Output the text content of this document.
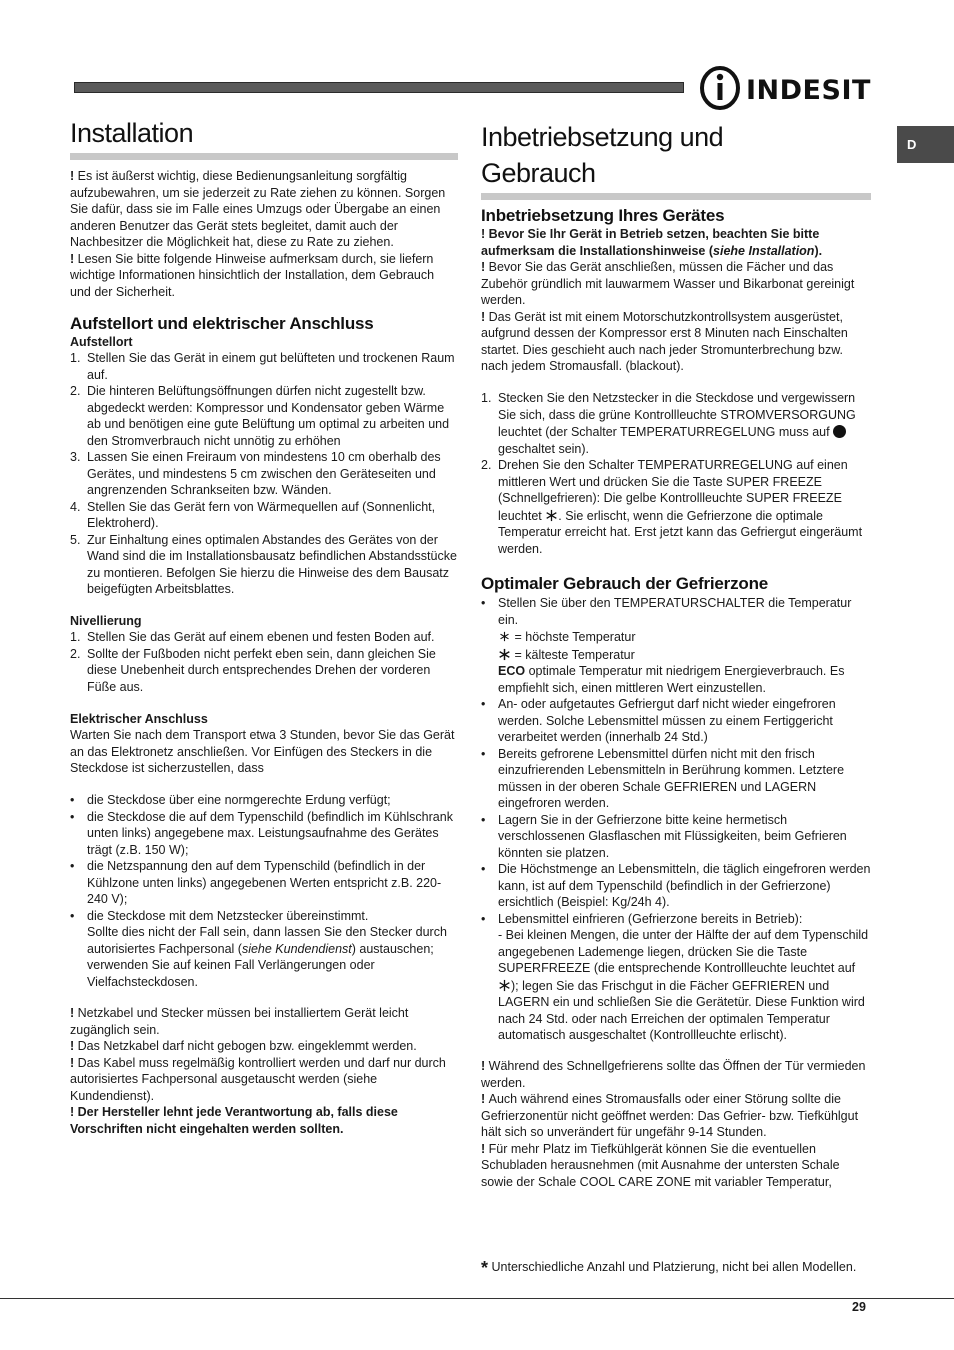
INDESIT
D
Installation

! Es ist äußerst wichtig, diese Bedienungsanleitung sorgfältig aufzubewahren, um sie jederzeit zu Rate ziehen zu können. Sorgen Sie dafür, dass sie im Falle eines Umzugs oder Übergabe an einen anderen Benutzer das Gerät stets begleitet, damit auch der Nachbesitzer die Möglichkeit hat, diese zu Rate zu ziehen.

! Lesen Sie bitte folgende Hinweise aufmerksam durch, sie liefern wichtige Informationen hinsichtlich der Installation, dem Gebrauch und der Sicherheit.

Aufstellort und elektrischer Anschluss
Aufstellort
1. Stellen Sie das Gerät in einem gut belüfteten und trockenen Raum auf.
2. Die hinteren Belüftungsöffnungen dürfen nicht zugestellt bzw. abgedeckt werden: Kompressor und Kondensator geben Wärme ab und benötigen eine gute Belüftung um optimal zu arbeiten und den Stromverbrauch nicht unnötig zu erhöhen
3. Lassen Sie einen Freiraum von mindestens 10 cm oberhalb des Gerätes, und mindestens 5 cm zwischen den Geräteseiten und angrenzenden Schrankseiten bzw. Wänden.
4. Stellen Sie das Gerät fern von Wärmequellen auf (Sonnenlicht, Elektroherd).
5. Zur Einhaltung eines optimalen Abstandes des Gerätes von der Wand sind die im Installationsbausatz befindlichen Abstandsstücke zu montieren. Befolgen Sie hierzu die Hinweise des dem Bausatz beigefügten Arbeitsblattes.
Nivellierung
1. Stellen Sie das Gerät auf einem ebenen und festen Boden auf.
2. Sollte der Fußboden nicht perfekt eben sein, dann gleichen Sie diese Unebenheit durch entsprechendes Drehen der vorderen Füße aus.
Elektrischer Anschluss

Warten Sie nach dem Transport etwa 3 Stunden, bevor Sie das Gerät an das Elektronetz anschließen. Vor Einfügen des Steckers in die Steckdose ist sicherzustellen, dass

• die Steckdose über eine normgerechte Erdung verfügt;
• die Steckdose die auf dem Typenschild (befindlich im Kühlschrank unten links) angegebene max. Leistungsaufnahme des Gerätes trägt (z.B. 150 W);
• die Netzspannung den auf dem Typenschild (befindlich in der Kühlzone unten links) angegebenen Werten entspricht z.B. 220-240 V);
• die Steckdose mit dem Netzstecker übereinstimmt.
Sollte dies nicht der Fall sein, dann lassen Sie den Stecker durch autorisiertes Fachpersonal (siehe Kundendienst) austauschen; verwenden Sie auf keinen Fall Verlängerungen oder Vielfachsteckdosen.

! Netzkabel und Stecker müssen bei installiertem Gerät leicht zugänglich sein.

! Das Netzkabel darf nicht gebogen bzw. eingeklemmt werden.

! Das Kabel muss regelmäßig kontrolliert werden und darf nur durch autorisiertes Fachpersonal ausgetauscht werden (siehe Kundendienst).

! Der Hersteller lehnt jede Verantwortung ab, falls diese Vorschriften nicht eingehalten werden sollten.

Inbetriebsetzung und
Gebrauch
Inbetriebsetzung Ihres Gerätes

! Bevor Sie Ihr Gerät in Betrieb setzen, beachten Sie bitte aufmerksam die Installationshinweise (siehe Installation).

! Bevor Sie das Gerät anschließen, müssen die Fächer und das Zubehör gründlich mit lauwarmem Wasser und Bikarbonat gereinigt werden.

! Das Gerät ist mit einem Motorschutzkontrollsystem ausgerüstet, aufgrund dessen der Kompressor erst 8 Minuten nach Einschalten startet. Dies geschieht auch nach jeder Stromunterbrechung bzw. nach jedem Stromausfall. (blackout).

1. Stecken Sie den Netzstecker in die Steckdose und vergewissern Sie sich, dass die grüne Kontrollleuchte STROMVERSORGUNG leuchtet (der Schalter TEMPERATURREGELUNG muss auf  geschaltet sein).
2. Drehen Sie den Schalter TEMPERATURREGELUNG auf einen mittleren Wert und drücken Sie die Taste SUPER FREEZE (Schnellgefrieren): Die gelbe Kontrollleuchte SUPER FREEZE leuchtet . Sie erlischt, wenn die Gefrierzone die optimale Temperatur erreicht hat. Erst jetzt kann das Gefriergut eingeräumt werden.
Optimaler Gebrauch der Gefrierzone
• Stellen Sie über den TEMPERATURSCHALTER die Temperatur ein.
= höchste Temperatur
= kälteste Temperatur
ECO optimale Temperatur mit niedrigem Energieverbrauch. Es empfiehlt sich, einen mittleren Wert einzustellen.
• An- oder aufgetautes Gefriergut darf nicht wieder eingefroren werden. Solche Lebensmittel müssen zu einem Fertiggericht verarbeitet werden (innerhalb 24 Std.)
• Bereits gefrorene Lebensmittel dürfen nicht mit den frisch einzufrierenden Lebensmitteln in Berührung kommen. Letztere müssen in der oberen Schale GEFRIEREN und LAGERN eingefroren werden.
• Lagern Sie in der Gefrierzone bitte keine hermetisch verschlossenen Glasflaschen mit Flüssigkeiten, beim Gefrieren könnten sie platzen.
• Die Höchstmenge an Lebensmitteln, die täglich eingefroren werden kann, ist auf dem Typenschild (befindlich in der Gefrierzone) ersichtlich (Beispiel: Kg/24h 4).
• Lebensmittel einfrieren (Gefrierzone bereits in Betrieb):
- Bei kleinen Mengen, die unter der Hälfte der auf dem Typenschild angegebenen Lademenge liegen, drücken Sie die Taste SUPERFREEZE (die entsprechende Kontrollleuchte leuchtet auf ); legen Sie das Frischgut in die Fächer GEFRIEREN und LAGERN ein und schließen Sie die Gerätetür. Diese Funktion wird nach 24 Std. oder nach Erreichen der optimalen Temperatur automatisch ausgeschaltet (Kontrollleuchte erlischt).

! Während des Schnellgefrierens sollte das Öffnen der Tür vermieden werden.

! Auch während eines Stromausfalls oder einer Störung sollte die Gefrierzonentür nicht geöffnet werden: Das Gefrier- bzw. Tiefkühlgut hält sich so unverändert für ungefähr 9-14 Stunden.

! Für mehr Platz im Tiefkühlgerät können Sie die eventuellen Schubladen herausnehmen (mit Ausnahme der untersten Schale sowie der Schale COOL CARE ZONE mit variabler Temperatur,

* Unterschiedliche Anzahl und Platzierung, nicht bei allen Modellen.
29
